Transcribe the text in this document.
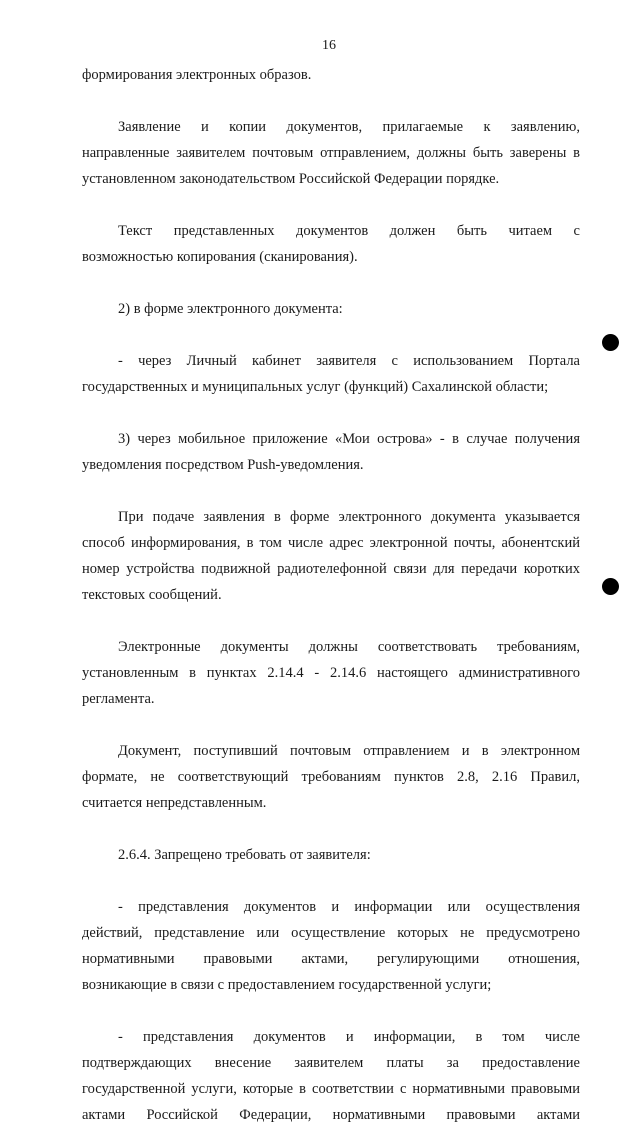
16
формирования электронных образов.
Заявление и копии документов, прилагаемые к заявлению,
направленные заявителем почтовым отправлением, должны быть заверены в
установленном законодательством Российской Федерации порядке.
Текст представленных документов должен быть читаем с
возможностью копирования (сканирования).
2) в форме электронного документа:
- через Личный кабинет заявителя с использованием Портала
государственных и муниципальных услуг (функций) Сахалинской области;
3) через мобильное приложение «Мои острова» - в случае получения
уведомления посредством Push-уведомления.
При подаче заявления в форме электронного документа указывается
способ информирования, в том числе адрес электронной почты, абонентский
номер устройства подвижной радиотелефонной связи для передачи коротких
текстовых сообщений.
Электронные документы должны соответствовать требованиям,
установленным в пунктах 2.14.4 - 2.14.6 настоящего административного
регламента.
Документ, поступивший почтовым отправлением и в электронном
формате, не соответствующий требованиям пунктов 2.8, 2.16 Правил,
считается непредставленным.
2.6.4. Запрещено требовать от заявителя:
- представления документов и информации или осуществления
действий, представление или осуществление которых не предусмотрено
нормативными правовыми актами, регулирующими отношения,
возникающие в связи с предоставлением государственной услуги;
- представления документов и информации, в том числе
подтверждающих внесение заявителем платы за предоставление
государственной услуги, которые в соответствии с нормативными правовыми
актами Российской Федерации, нормативными правовыми актами
